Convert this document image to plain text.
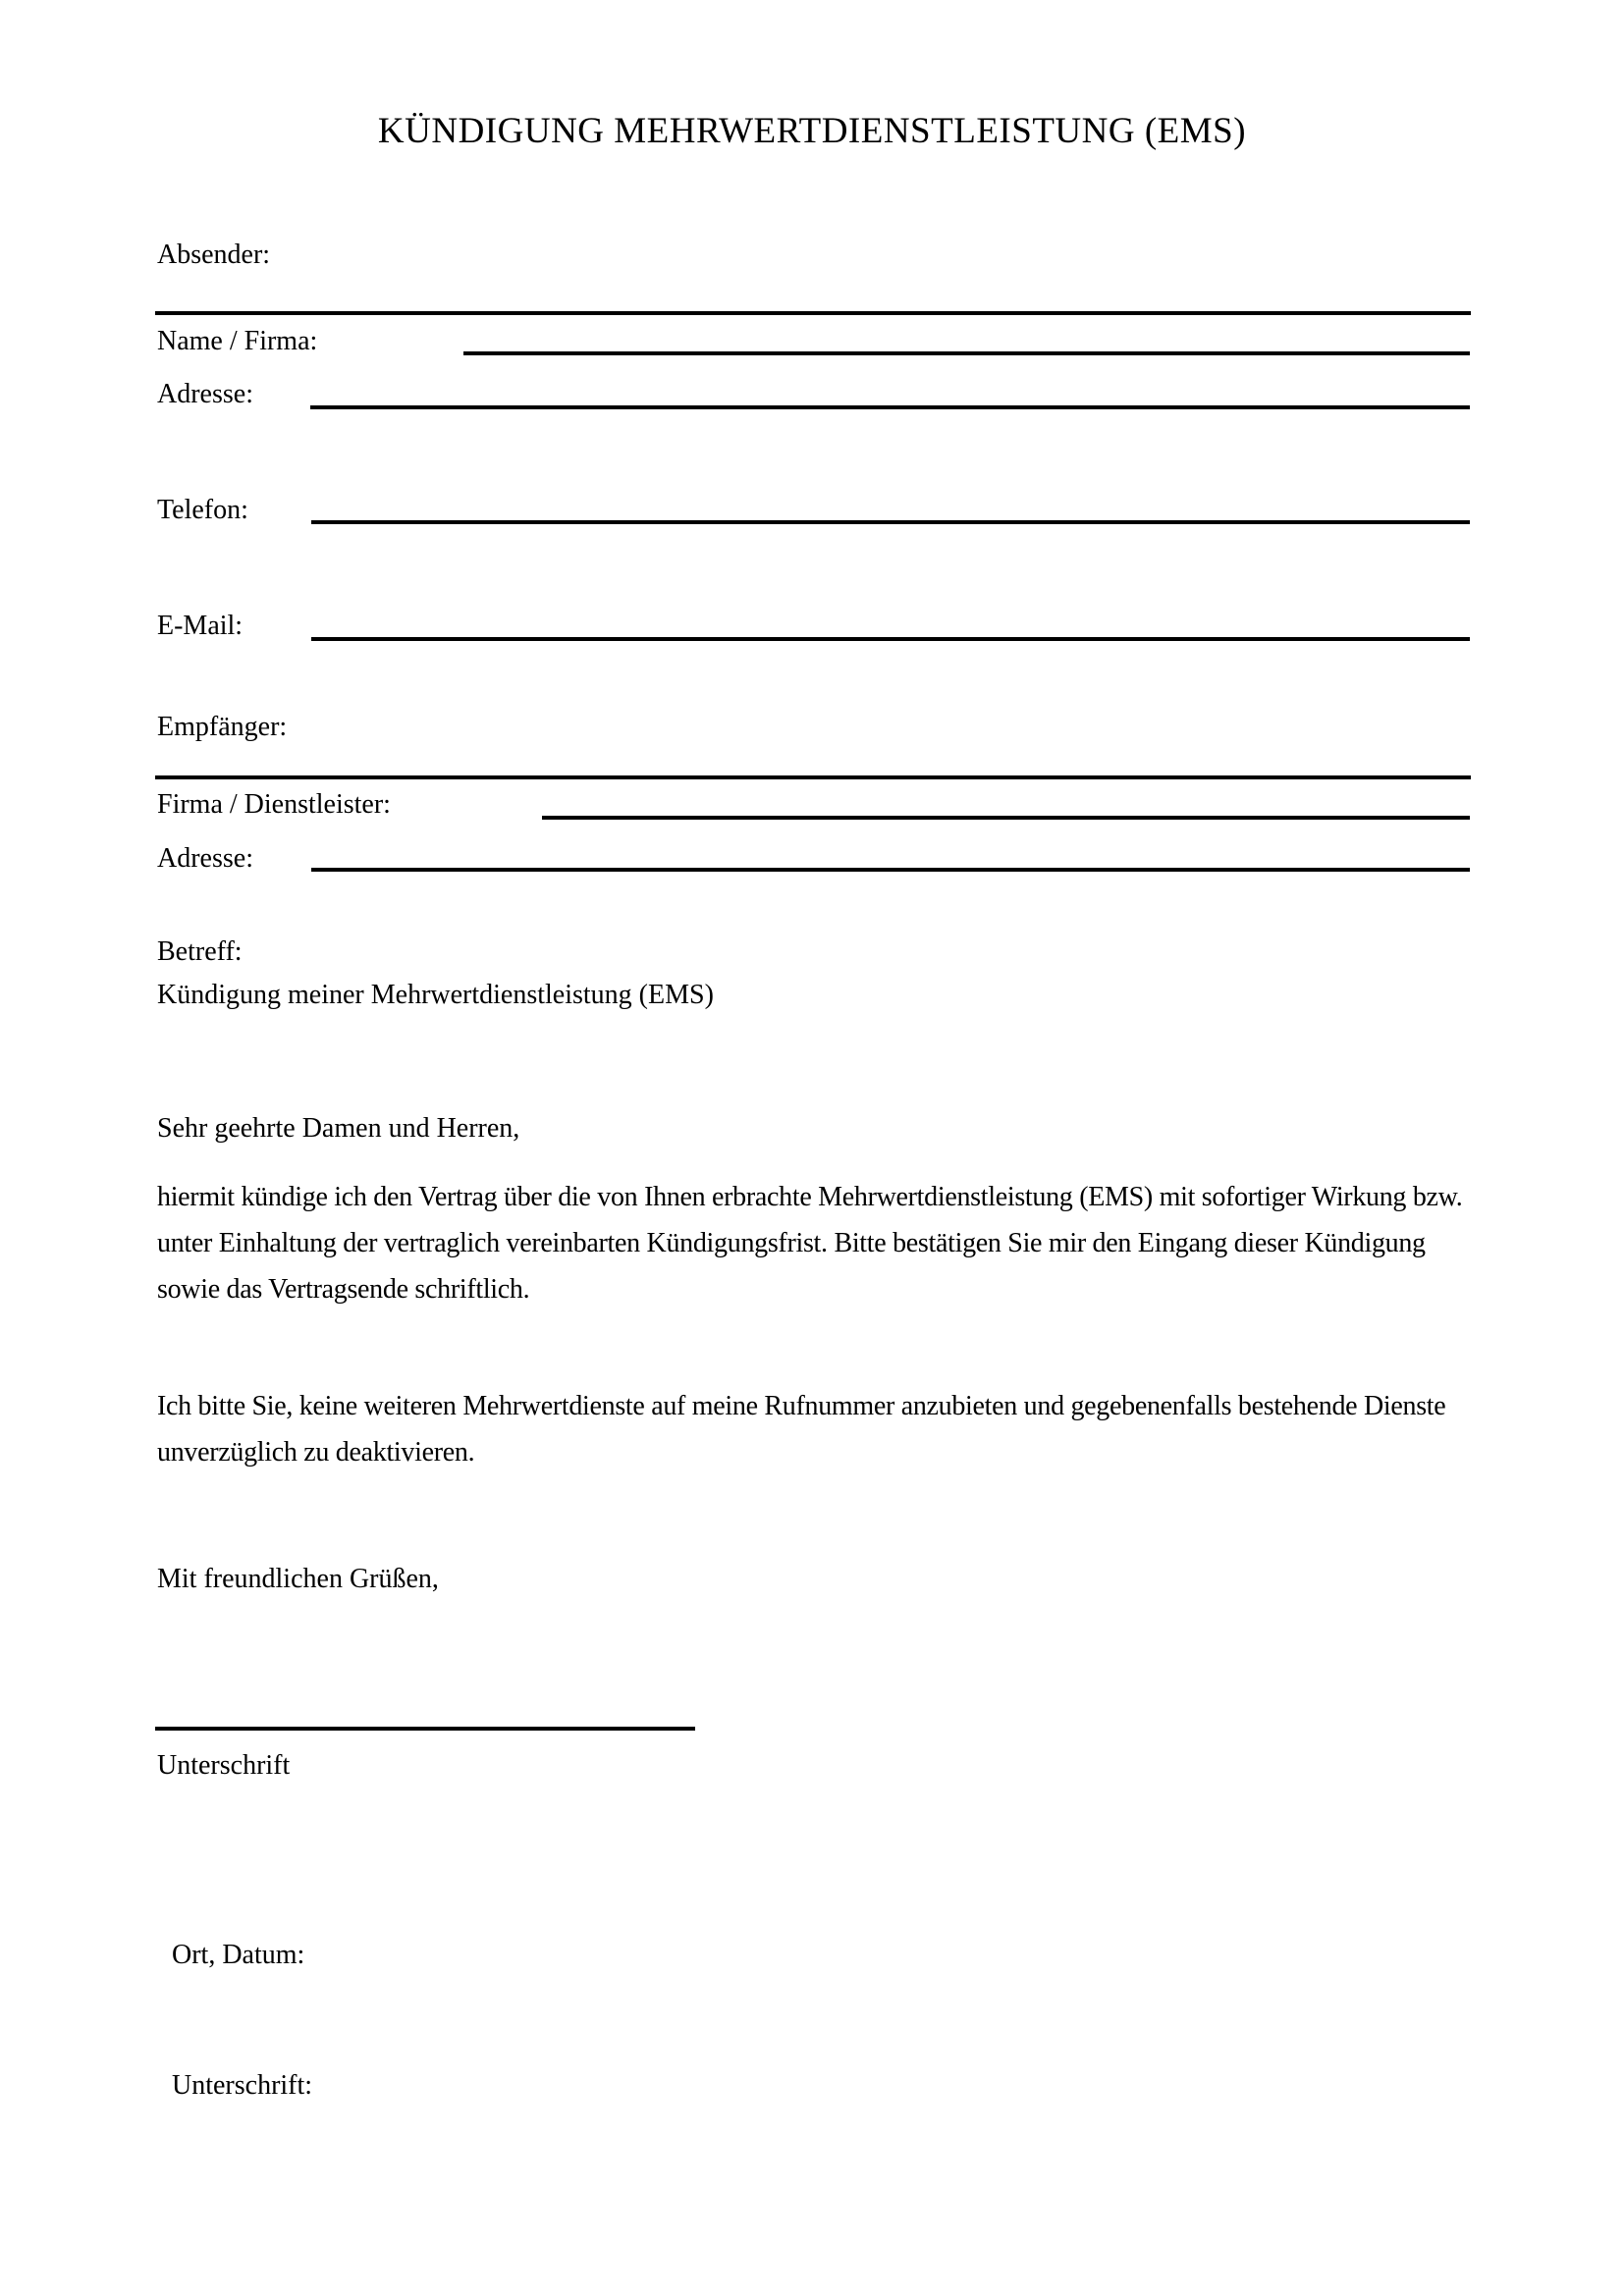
KÜNDIGUNG MEHRWERTDIENSTLEISTUNG (EMS)
Absender:
Name / Firma:
Adresse:
Telefon:
E-Mail:
Empfänger:
Firma / Dienstleister:
Adresse:
Betreff:
Kündigung meiner Mehrwertdienstleistung (EMS)
Sehr geehrte Damen und Herren,

hiermit kündige ich den Vertrag über die von Ihnen erbrachte Mehrwertdienstleistung (EMS) mit sofortiger Wirkung bzw. unter Einhaltung der vertraglich vereinbarten Kündigungsfrist. Bitte bestätigen Sie mir den Eingang dieser Kündigung sowie das Vertragsende schriftlich.

Ich bitte Sie, keine weiteren Mehrwertdienste auf meine Rufnummer anzubieten und gegebenenfalls bestehende Dienste unverzüglich zu deaktivieren.

Mit freundlichen Grüßen,
Unterschrift
Ort, Datum:
Unterschrift:
